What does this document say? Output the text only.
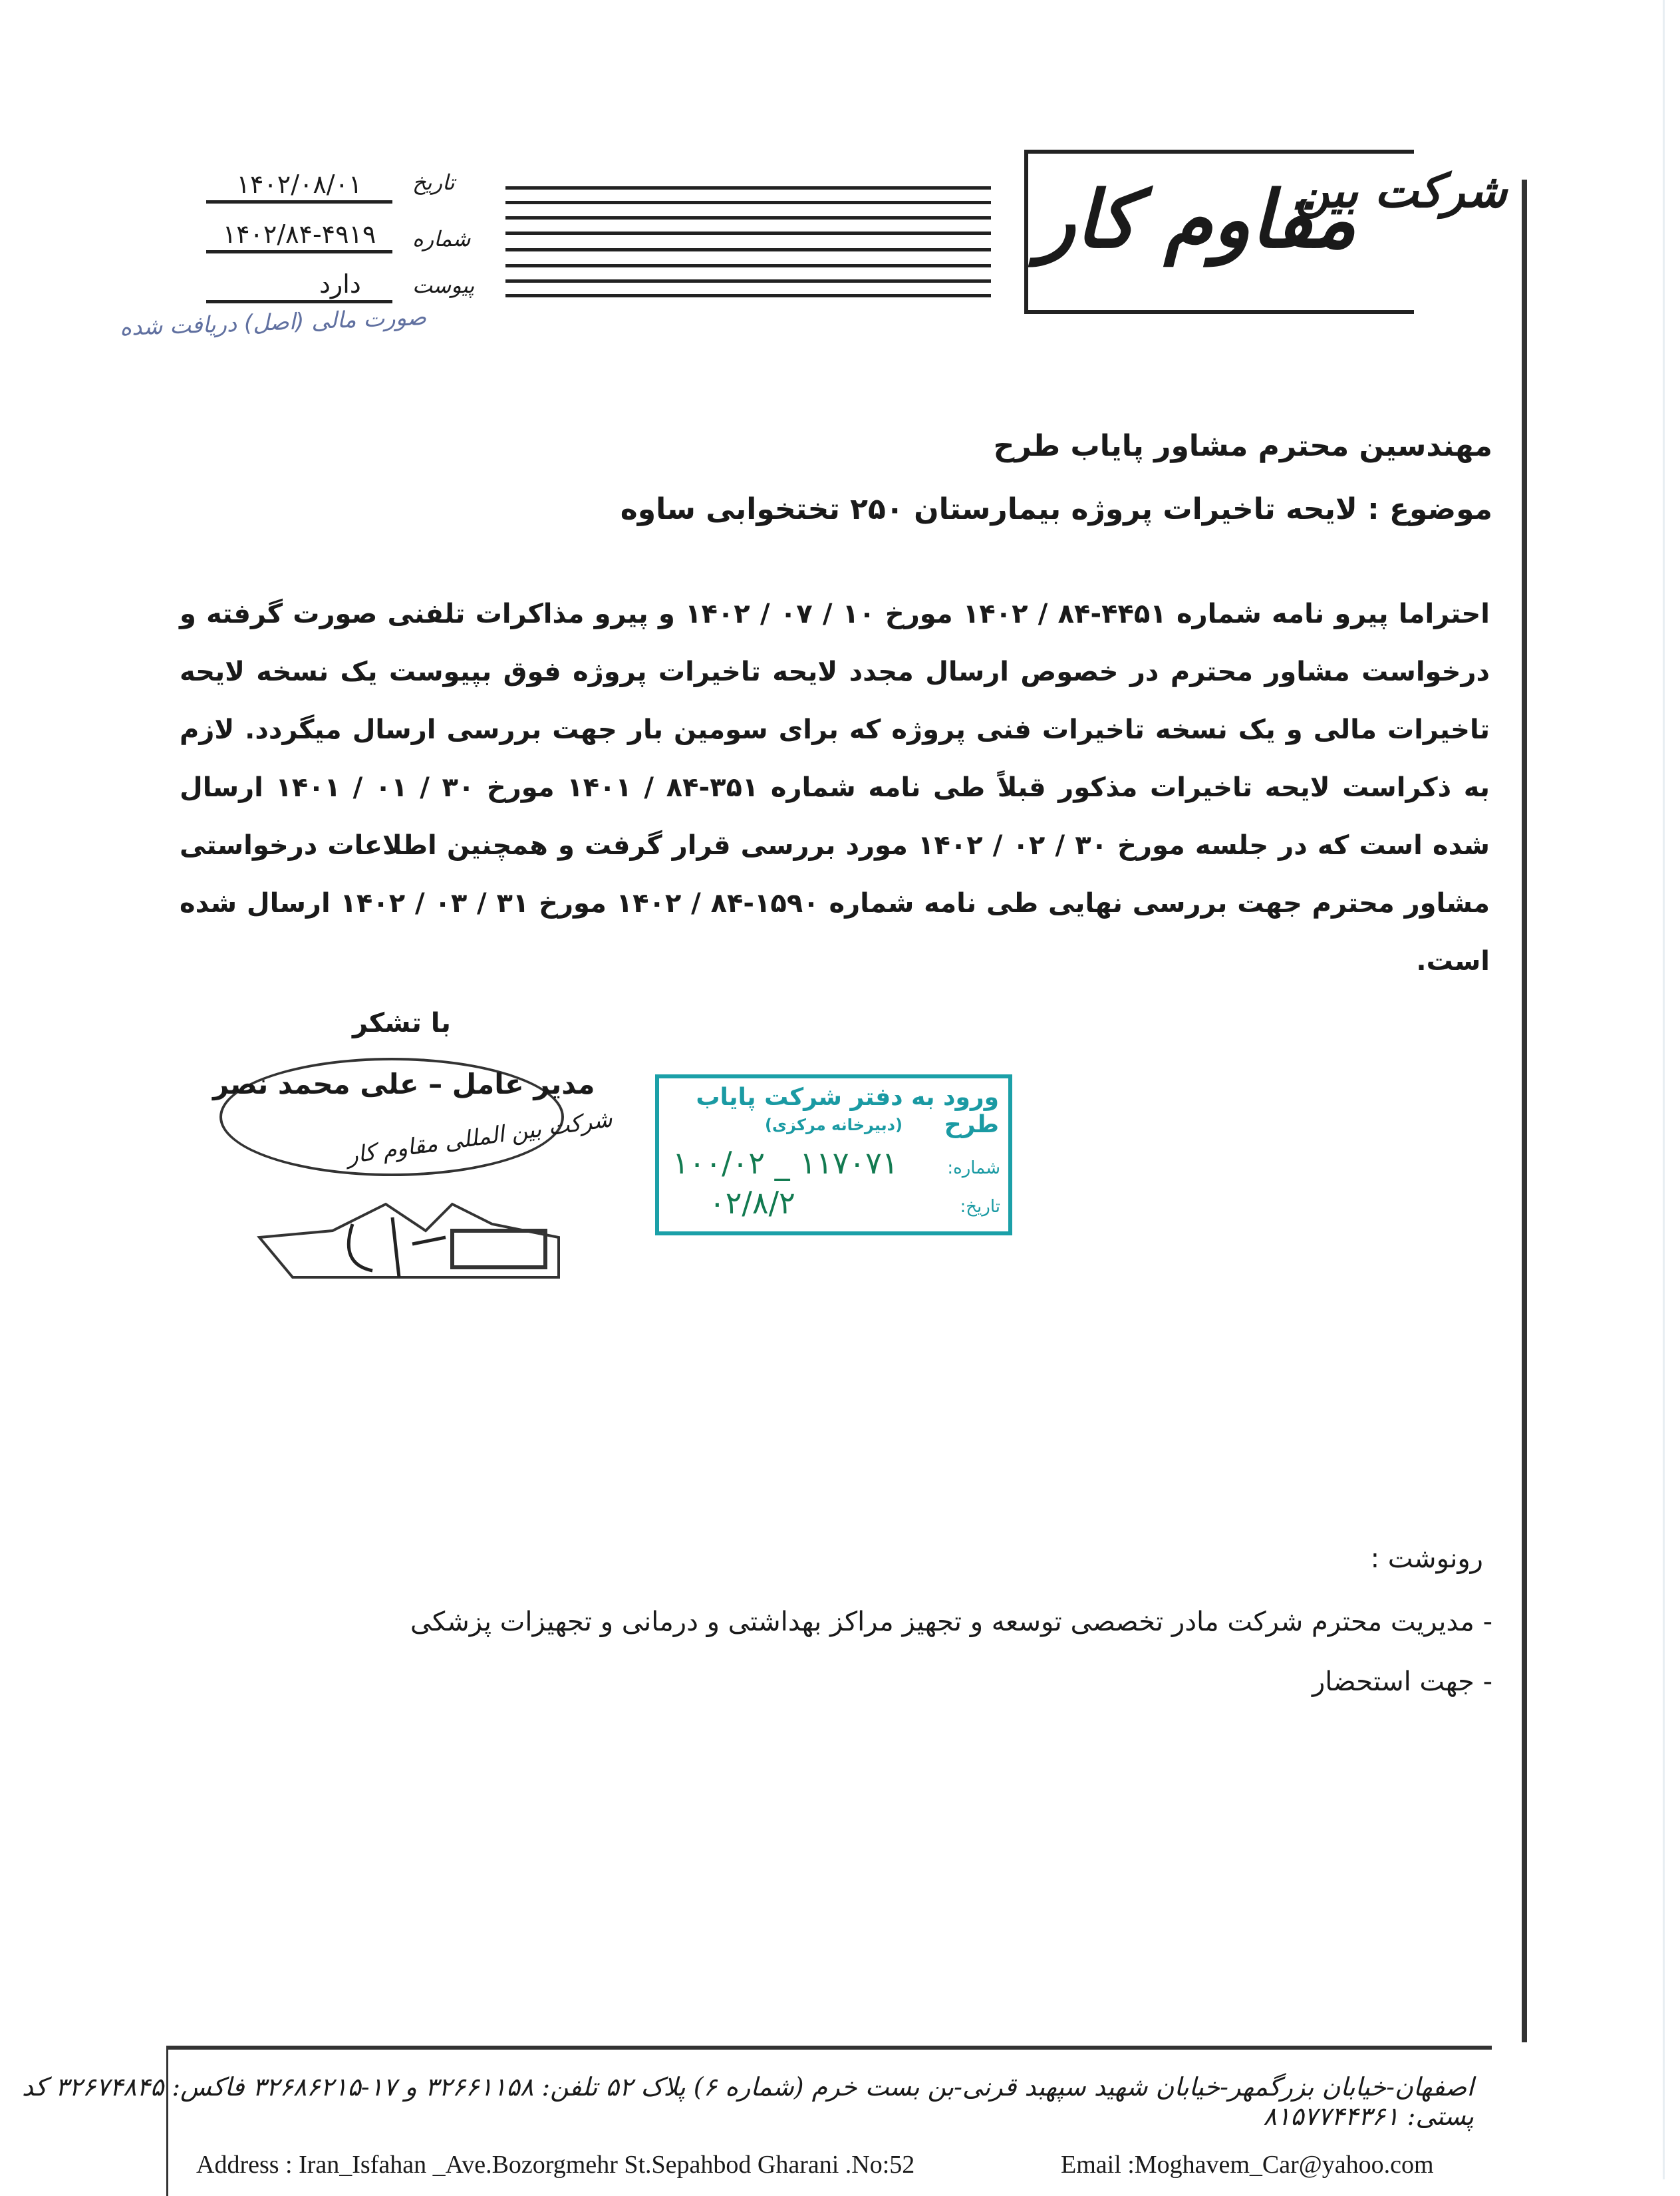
شرکت بین
مقاوم کار
۱۴۰۲/۰۸/۰۱	تاریخ
۱۴۰۲/۸۴-۴۹۱۹	شماره
دارد	پیوست
صورت مالی (اصل) دریافت شده
مهندسین محترم مشاور پایاب طرح
موضوع : لایحه تاخیرات پروژه بیمارستان ۲۵۰ تختخوابی ساوه
احتراما پیرو نامه شماره ۴۴۵۱-۸۴ / ۱۴۰۲ مورخ ۱۰ / ۰۷ / ۱۴۰۲ و پیرو مذاکرات تلفنی صورت گرفته و درخواست مشاور محترم در خصوص ارسال مجدد لایحه تاخیرات پروژه فوق بپیوست یک نسخه لایحه تاخیرات مالی و یک نسخه تاخیرات فنی پروژه که برای سومین بار جهت بررسی ارسال میگردد. لازم به ذکراست لایحه تاخیرات مذکور قبلاً طی نامه شماره ۳۵۱-۸۴ / ۱۴۰۱ مورخ ۳۰ / ۰۱ / ۱۴۰۱ ارسال شده است که در جلسه مورخ ۳۰ / ۰۲ / ۱۴۰۲ مورد بررسی قرار گرفت و همچنین اطلاعات درخواستی مشاور محترم جهت بررسی نهایی طی نامه شماره ۱۵۹۰-۸۴ / ۱۴۰۲ مورخ ۳۱ / ۰۳ / ۱۴۰۲ ارسال شده است.
با تشکر
مدیر عامل – علی محمد نصر
شرکت بین المللی مقاوم کار
ورود به دفتر شرکت پایاب طرح
(دبیرخانه مرکزی)
شماره:
۱۰۰/۰۲ _ ۱۱۷۰۷۱
تاریخ:
۰۲/۸/۲
رونوشت :
- مدیریت محترم شرکت مادر تخصصی توسعه و تجهیز مراکز بهداشتی و درمانی و تجهیزات پزشکی
- جهت استحضار
اصفهان-خیابان بزرگمهر-خیابان شهید سپهبد قرنی-بن بست خرم (شماره ۶) پلاک ۵۲ تلفن: ۳۲۶۶۱۱۵۸ و ۱۷-۳۲۶۸۶۲۱۵ فاکس: ۳۲۶۷۴۸۴۵ کد پستی: ۸۱۵۷۷۴۴۳۶۱
Address : Iran_Isfahan _Ave.Bozorgmehr St.Sepahbod Gharani .No:52	Email :Moghavem_Car@yahoo.com
